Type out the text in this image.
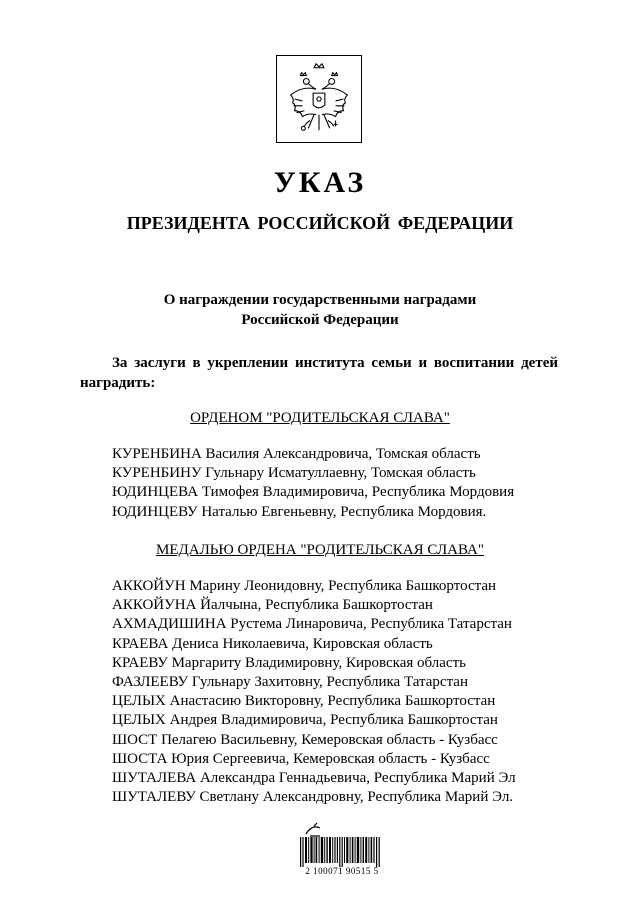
УКАЗ
ПРЕЗИДЕНТА РОССИЙСКОЙ ФЕДЕРАЦИИ
О награждении государственными наградами
Российской Федерации
За заслуги в укреплении института семьи и воспитании детей наградить:
ОРДЕНОМ "РОДИТЕЛЬСКАЯ СЛАВА"
КУРЕНБИНА Василия Александровича, Томская область
КУРЕНБИНУ Гульнару Исматуллаевну, Томская область
ЮДИНЦЕВА Тимофея Владимировича, Республика Мордовия
ЮДИНЦЕВУ Наталью Евгеньевну, Республика Мордовия.
МЕДАЛЬЮ ОРДЕНА "РОДИТЕЛЬСКАЯ СЛАВА"
АККОЙУН Марину Леонидовну, Республика Башкортостан
АККОЙУНА Йалчына, Республика Башкортостан
АХМАДИШИНА Рустема Линаровича, Республика Татарстан
КРАЕВА Дениса Николаевича, Кировская область
КРАЕВУ Маргариту Владимировну, Кировская область
ФАЗЛЕЕВУ Гульнару Захитовну, Республика Татарстан
ЦЕЛЫХ Анастасию Викторовну, Республика Башкортостан
ЦЕЛЫХ Андрея Владимировича, Республика Башкортостан
ШОСТ Пелагею Васильевну, Кемеровская область - Кузбасс
ШОСТА Юрия Сергеевича, Кемеровская область - Кузбасс
ШУТАЛЕВА Александра Геннадьевича, Республика Марий Эл
ШУТАЛЕВУ Светлану Александровну, Республика Марий Эл.
2 100071 90515 5
